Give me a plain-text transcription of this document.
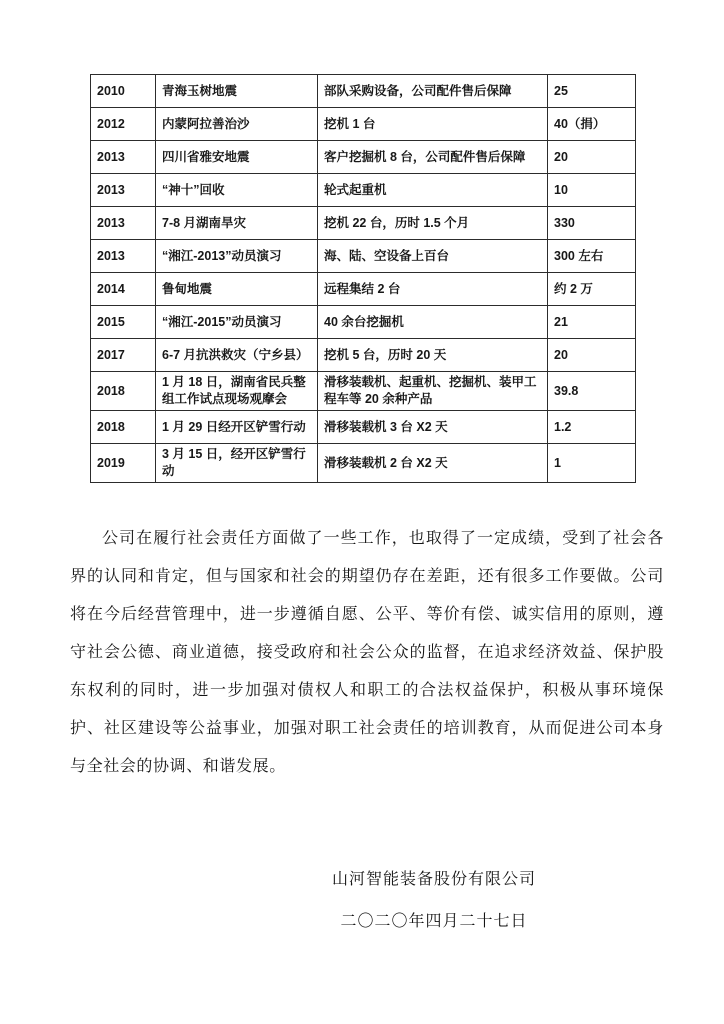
2010	青海玉树地震	部队采购设备，公司配件售后保障	25
2012	内蒙阿拉善治沙	挖机 1 台	40（捐）
2013	四川省雅安地震	客户挖掘机 8 台，公司配件售后保障	20
2013	“神十”回收	轮式起重机	10
2013	7-8 月湖南旱灾	挖机 22 台，历时 1.5 个月	330
2013	“湘江-2013”动员演习	海、陆、空设备上百台	300 左右
2014	鲁甸地震	远程集结 2 台	约 2 万
2015	“湘江-2015”动员演习	40 余台挖掘机	21
2017	6-7 月抗洪救灾（宁乡县）	挖机 5 台，历时 20 天	20
2018	1 月 18 日，湖南省民兵整组工作试点现场观摩会	滑移装载机、起重机、挖掘机、装甲工程车等 20 余种产品	39.8
2018	1 月 29 日经开区铲雪行动	滑移装载机 3 台 X2 天	1.2
2019	3 月 15 日，经开区铲雪行动	滑移装载机 2 台 X2 天	1

公司在履行社会责任方面做了一些工作，也取得了一定成绩，受到了社会各界的认同和肯定，但与国家和社会的期望仍存在差距，还有很多工作要做。公司将在今后经营管理中，进一步遵循自愿、公平、等价有偿、诚实信用的原则，遵守社会公德、商业道德，接受政府和社会公众的监督，在追求经济效益、保护股东权利的同时，进一步加强对债权人和职工的合法权益保护，积极从事环境保护、社区建设等公益事业，加强对职工社会责任的培训教育，从而促进公司本身与全社会的协调、和谐发展。

山河智能装备股份有限公司
二〇二〇年四月二十七日
